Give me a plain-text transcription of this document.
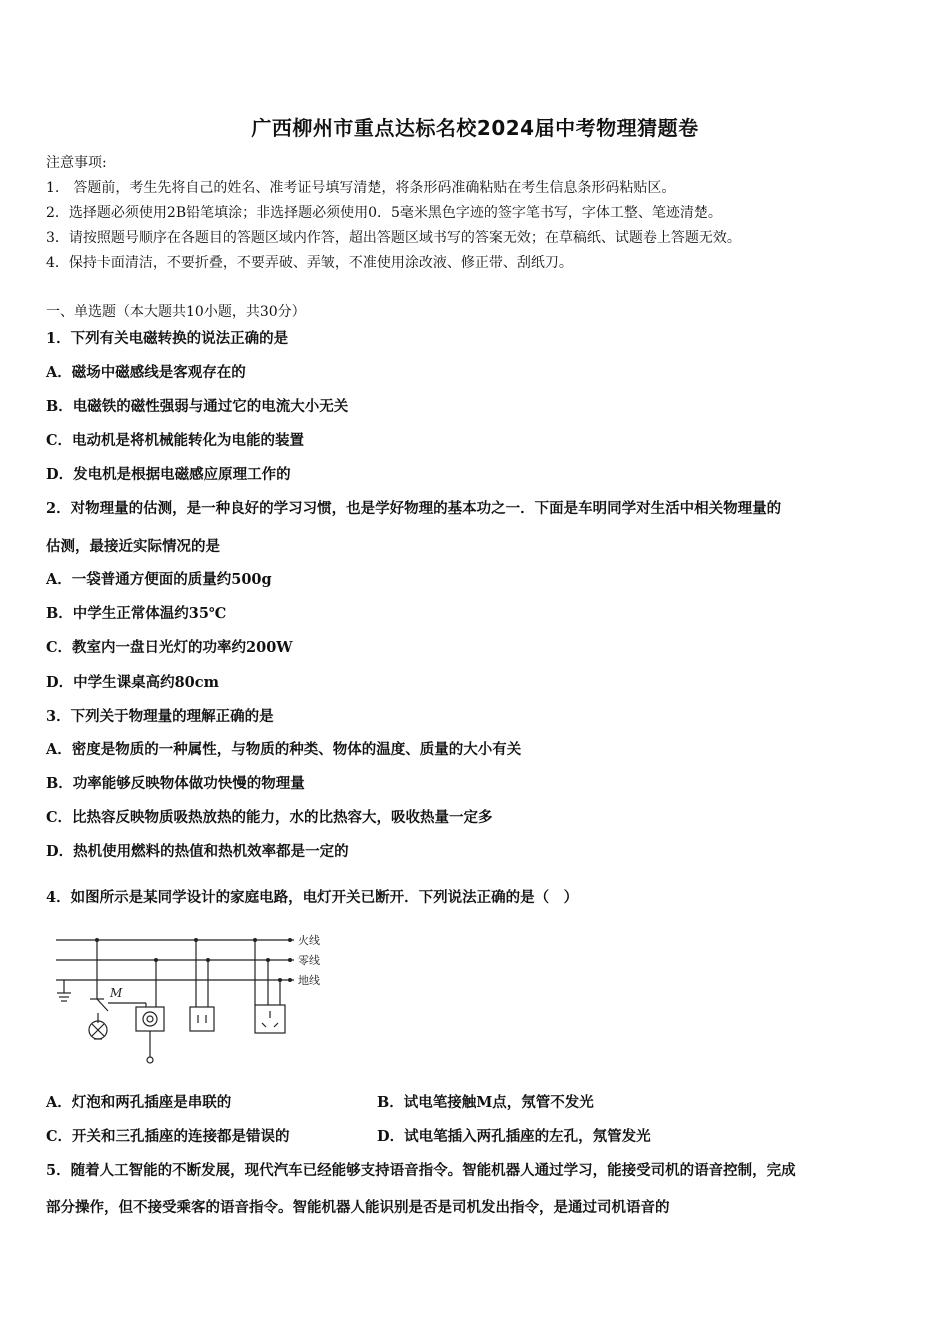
广西柳州市重点达标名校2024届中考物理猜题卷
注意事项:
1.　答题前，考生先将自己的姓名、准考证号填写清楚，将条形码准确粘贴在考生信息条形码粘贴区。
2．选择题必须使用2B铅笔填涂；非选择题必须使用0．5毫米黑色字迹的签字笔书写，字体工整、笔迹清楚。
3．请按照题号顺序在各题目的答题区域内作答，超出答题区域书写的答案无效；在草稿纸、试题卷上答题无效。
4．保持卡面清洁，不要折叠，不要弄破、弄皱，不准使用涂改液、修正带、刮纸刀。
一、单选题（本大题共10小题，共30分）
1．下列有关电磁转换的说法正确的是
A．磁场中磁感线是客观存在的
B．电磁铁的磁性强弱与通过它的电流大小无关
C．电动机是将机械能转化为电能的装置
D．发电机是根据电磁感应原理工作的
2．对物理量的估测，是一种良好的学习习惯，也是学好物理的基本功之一．下面是车明同学对生活中相关物理量的
估测，最接近实际情况的是
A．一袋普通方便面的质量约500g
B．中学生正常体温约35℃
C．教室内一盘日光灯的功率约200W
D．中学生课桌高约80cm
3．下列关于物理量的理解正确的是
A．密度是物质的一种属性，与物质的种类、物体的温度、质量的大小有关
B．功率能够反映物体做功快慢的物理量
C．比热容反映物质吸热放热的能力，水的比热容大，吸收热量一定多
D．热机使用燃料的热值和热机效率都是一定的
4．如图所示是某同学设计的家庭电路，电灯开关已断开．下列说法正确的是（　）
火线
零线
地线
M
A．灯泡和两孔插座是串联的	B．试电笔接触M点，氖管不发光
C．开关和三孔插座的连接都是错误的	D．试电笔插入两孔插座的左孔，氖管发光
5．随着人工智能的不断发展，现代汽车已经能够支持语音指令。智能机器人通过学习，能接受司机的语音控制，完成
部分操作，但不接受乘客的语音指令。智能机器人能识别是否是司机发出指令，是通过司机语音的
